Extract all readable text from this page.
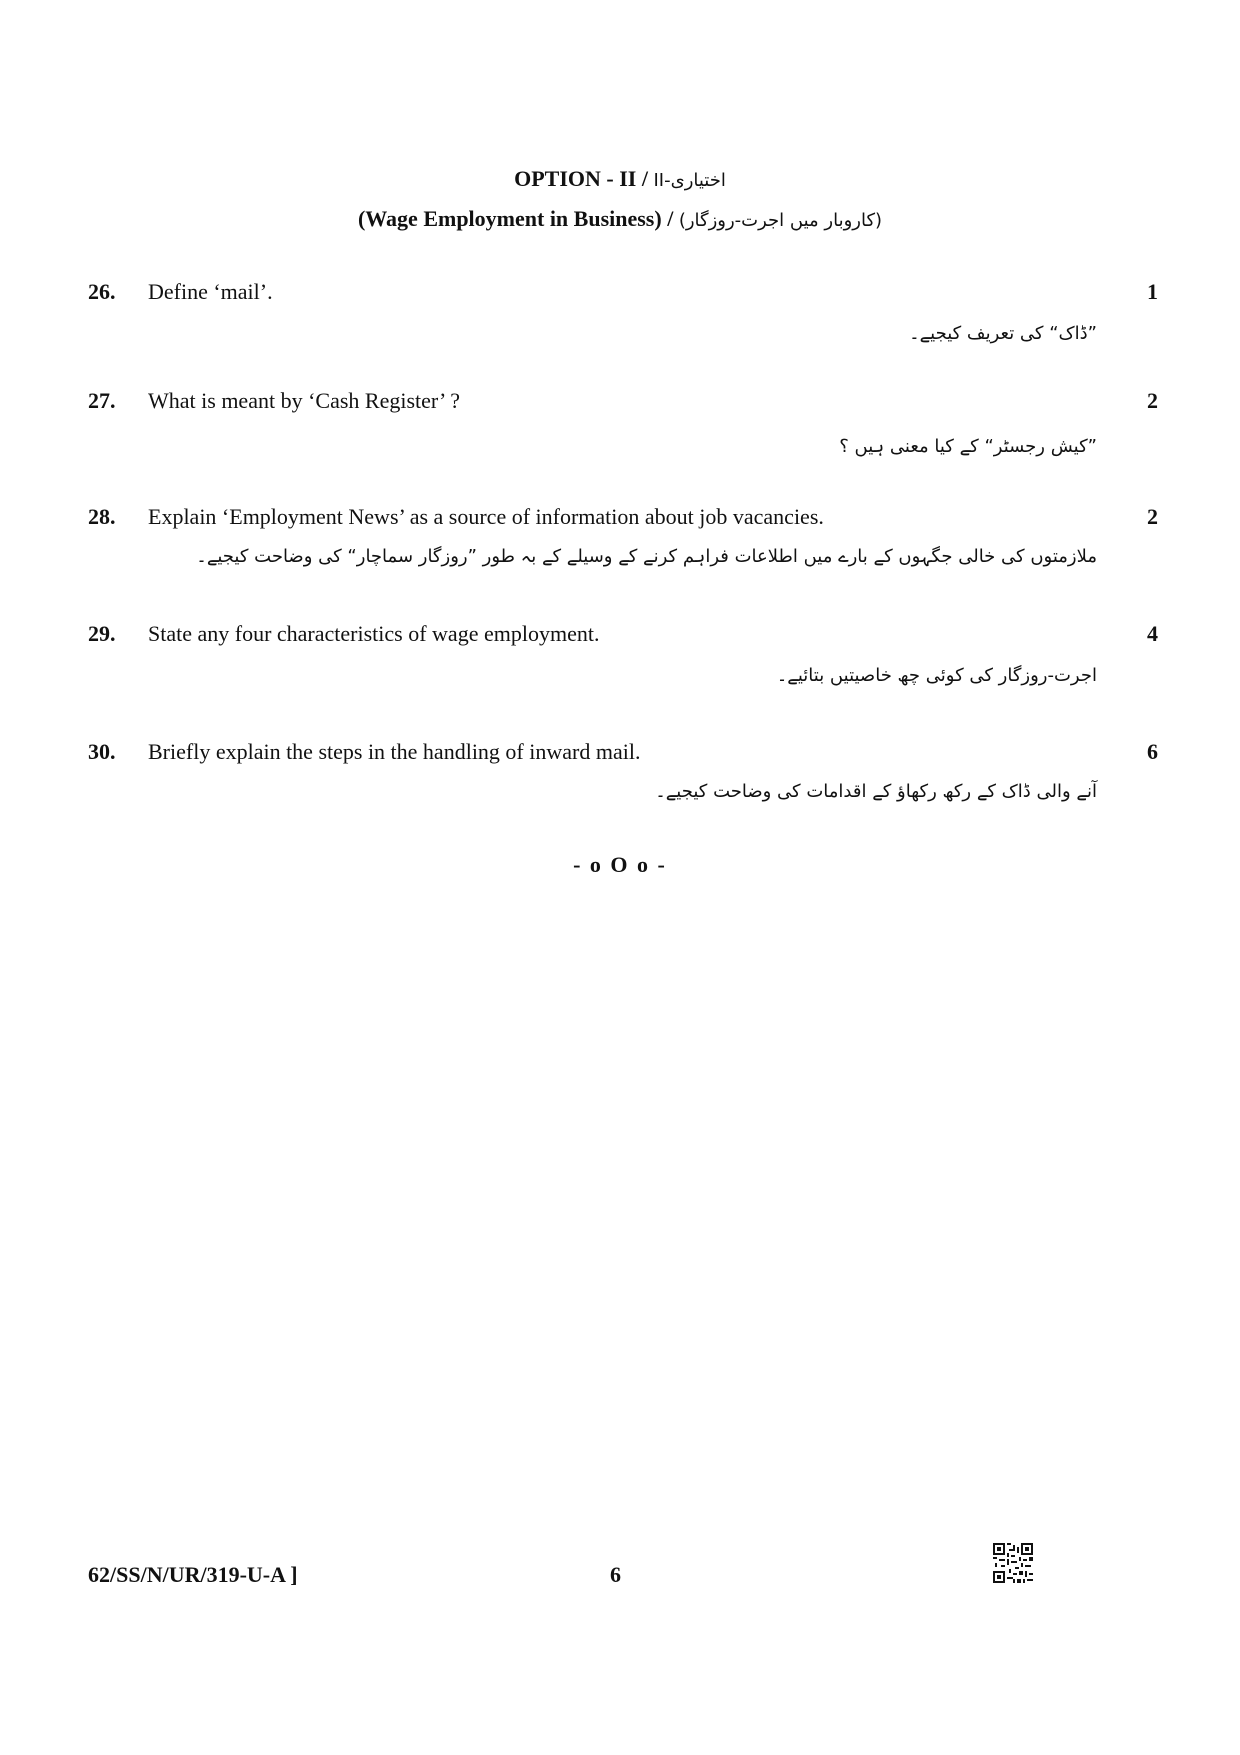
OPTION - II / اختیاری-II
(Wage Employment in Business) / (کاروبار میں اجرت-روزگار)
26. Define ‘mail’.	1
”ڈاک“ کی تعریف کیجیے۔
27. What is meant by ‘Cash Register’ ?	2
”کیش رجسٹر“ کے کیا معنی ہیں ؟
28. Explain ‘Employment News’ as a source of information about job vacancies.	2
ملازمتوں کی خالی جگہوں کے بارے میں اطلاعات فراہم کرنے کے وسیلے کے بہ طور ”روزگار سماچار“ کی وضاحت کیجیے۔
29. State any four characteristics of wage employment.	4
اجرت-روزگار کی کوئی چھ خاصیتیں بتائیے۔
30. Briefly explain the steps in the handling of inward mail.	6
آنے والی ڈاک کے رکھ رکھاؤ کے اقدامات کی وضاحت کیجیے۔
- o O o -
62/SS/N/UR/319-U-A ]	6
